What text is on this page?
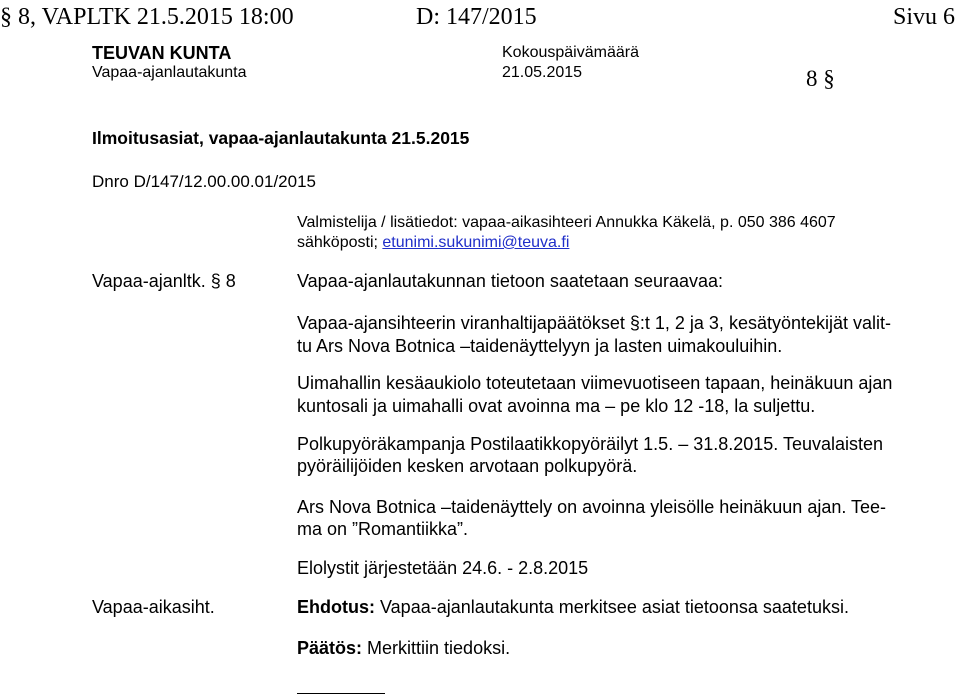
§ 8, VAPLTK 21.5.2015 18:00	D: 147/2015	Sivu 6
TEUVAN KUNTA
Vapaa-ajanlautakunta
Kokouspäivämäärä
21.05.2015	8 §
Ilmoitusasiat, vapaa-ajanlautakunta 21.5.2015
Dnro D/147/12.00.00.01/2015
Valmistelija / lisätiedot: vapaa-aikasihteeri Annukka Käkelä, p. 050 386 4607
sähköposti; etunimi.sukunimi@teuva.fi
Vapaa-ajanltk. § 8	Vapaa-ajanlautakunnan tietoon saatetaan seuraavaa:
Vapaa-ajansihteerin viranhaltijapäätökset §:t 1, 2 ja 3, kesätyöntekijät valit-
tu Ars Nova Botnica –taidenäyttelyyn ja lasten uimakouluihin.
Uimahallin kesäaukiolo toteutetaan viimevuotiseen tapaan, heinäkuun ajan
kuntosali ja uimahalli ovat avoinna ma – pe klo 12 -18, la suljettu.
Polkupyöräkampanja Postilaatikkopyöräilyt 1.5. – 31.8.2015. Teuvalaisten
pyöräilijöiden kesken arvotaan polkupyörä.
Ars Nova Botnica –taidenäyttely on avoinna yleisölle heinäkuun ajan. Tee-
ma on ”Romantiikka”.
Elolystit järjestetään 24.6. - 2.8.2015
Vapaa-aikasiht.	Ehdotus: Vapaa-ajanlautakunta merkitsee asiat tietoonsa saatetuksi.
Päätös: Merkittiin tiedoksi.
